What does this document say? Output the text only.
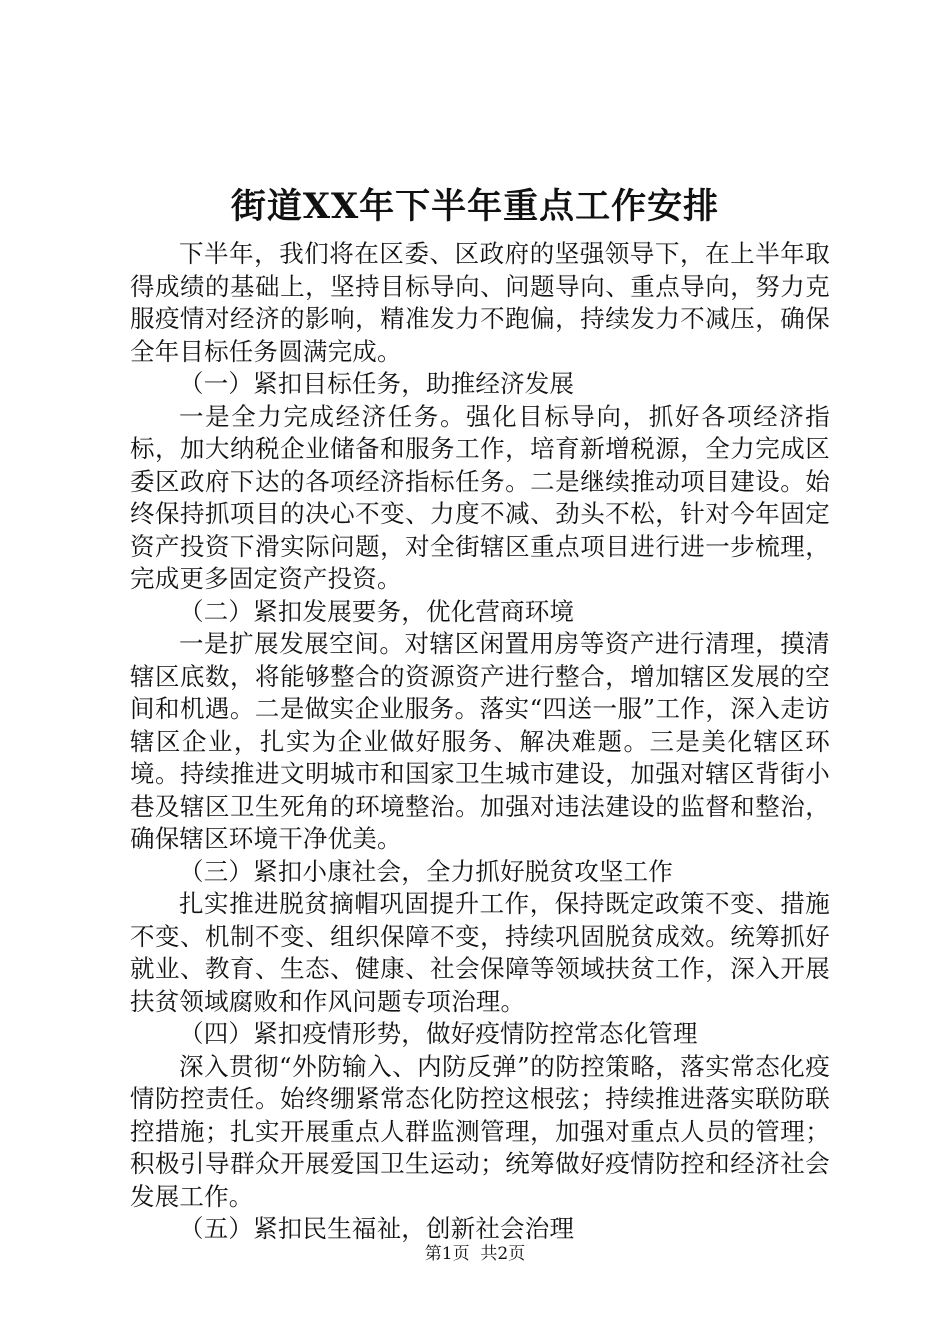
街道XX年下半年重点工作安排

下半年，我们将在区委、区政府的坚强领导下，在上半年取得成绩的基础上，坚持目标导向、问题导向、重点导向，努力克服疫情对经济的影响，精准发力不跑偏，持续发力不减压，确保全年目标任务圆满完成。

（一）紧扣目标任务，助推经济发展

一是全力完成经济任务。强化目标导向，抓好各项经济指标，加大纳税企业储备和服务工作，培育新增税源，全力完成区委区政府下达的各项经济指标任务。二是继续推动项目建设。始终保持抓项目的决心不变、力度不减、劲头不松，针对今年固定资产投资下滑实际问题，对全街辖区重点项目进行进一步梳理，完成更多固定资产投资。

（二）紧扣发展要务，优化营商环境

一是扩展发展空间。对辖区闲置用房等资产进行清理，摸清辖区底数，将能够整合的资源资产进行整合，增加辖区发展的空间和机遇。二是做实企业服务。落实“四送一服”工作，深入走访辖区企业，扎实为企业做好服务、解决难题。三是美化辖区环境。持续推进文明城市和国家卫生城市建设，加强对辖区背街小巷及辖区卫生死角的环境整治。加强对违法建设的监督和整治，确保辖区环境干净优美。

（三）紧扣小康社会，全力抓好脱贫攻坚工作

扎实推进脱贫摘帽巩固提升工作，保持既定政策不变、措施不变、机制不变、组织保障不变，持续巩固脱贫成效。统筹抓好就业、教育、生态、健康、社会保障等领域扶贫工作，深入开展扶贫领域腐败和作风问题专项治理。

（四）紧扣疫情形势，做好疫情防控常态化管理

深入贯彻“外防输入、内防反弹”的防控策略，落实常态化疫情防控责任。始终绷紧常态化防控这根弦；持续推进落实联防联控措施；扎实开展重点人群监测管理，加强对重点人员的管理；积极引导群众开展爱国卫生运动；统筹做好疫情防控和经济社会发展工作。

（五）紧扣民生福祉，创新社会治理

第1页 共2页
